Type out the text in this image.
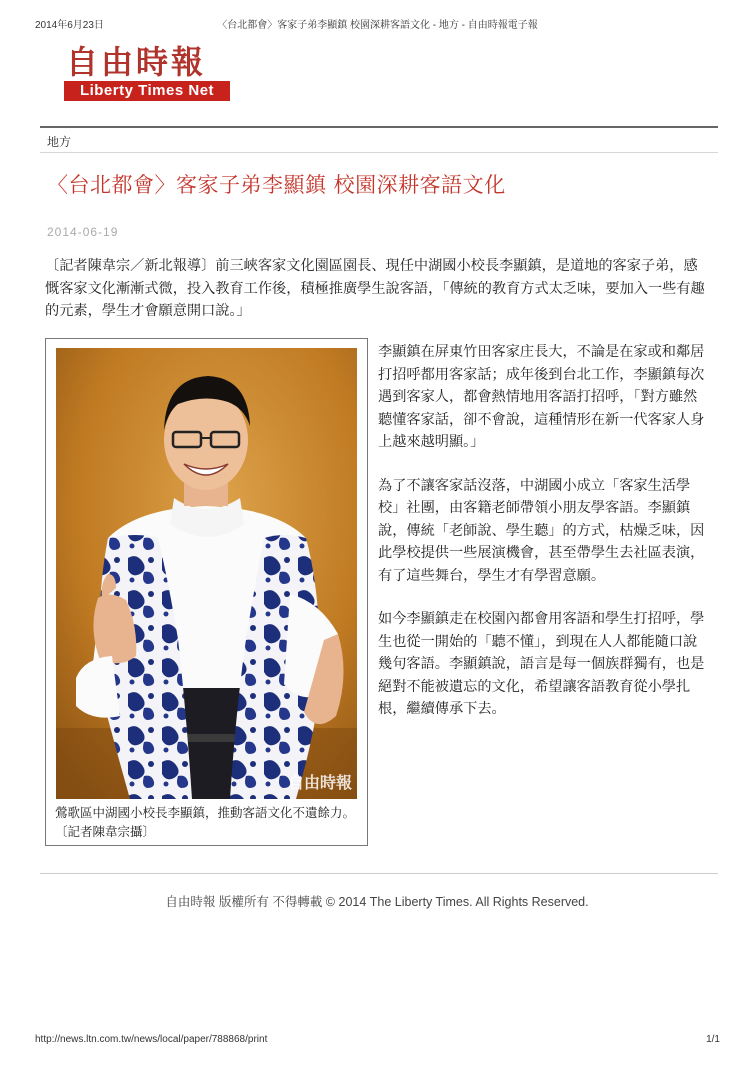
2014年6月23日	〈台北都會〉客家子弟李顯鎮 校園深耕客語文化 - 地方 - 自由時報電子報
自由時報
Liberty Times Net
地方
〈台北都會〉客家子弟李顯鎮 校園深耕客語文化
2014-06-19

〔記者陳韋宗／新北報導〕前三峽客家文化園區園長、現任中湖國小校長李顯鎮，是道地的客家子弟，感慨客家文化漸漸式微，投入教育工作後，積極推廣學生說客語，「傳統的教育方式太乏味，要加入一些有趣的元素，學生才會願意開口說。」

自由時報

鶯歌區中湖國小校長李顯鎮，推動客語文化不遺餘力。〔記者陳韋宗攝〕

李顯鎮在屏東竹田客家庄長大，不論是在家或和鄰居打招呼都用客家話；成年後到台北工作，李顯鎮每次遇到客家人，都會熱情地用客語打招呼，「對方雖然聽懂客家話，卻不會說，這種情形在新一代客家人身上越來越明顯。」

為了不讓客家話沒落，中湖國小成立「客家生活學校」社團，由客籍老師帶領小朋友學客語。李顯鎮說，傳統「老師說、學生聽」的方式，枯燥乏味，因此學校提供一些展演機會，甚至帶學生去社區表演，有了這些舞台，學生才有學習意願。

如今李顯鎮走在校園內都會用客語和學生打招呼，學生也從一開始的「聽不懂」，到現在人人都能隨口說幾句客語。李顯鎮說，語言是每一個族群獨有，也是絕對不能被遺忘的文化，希望讓客語教育從小學扎根，繼續傳承下去。

自由時報 版權所有 不得轉載 © 2014 The Liberty Times. All Rights Reserved.
http://news.ltn.com.tw/news/local/paper/788868/print	1/1
